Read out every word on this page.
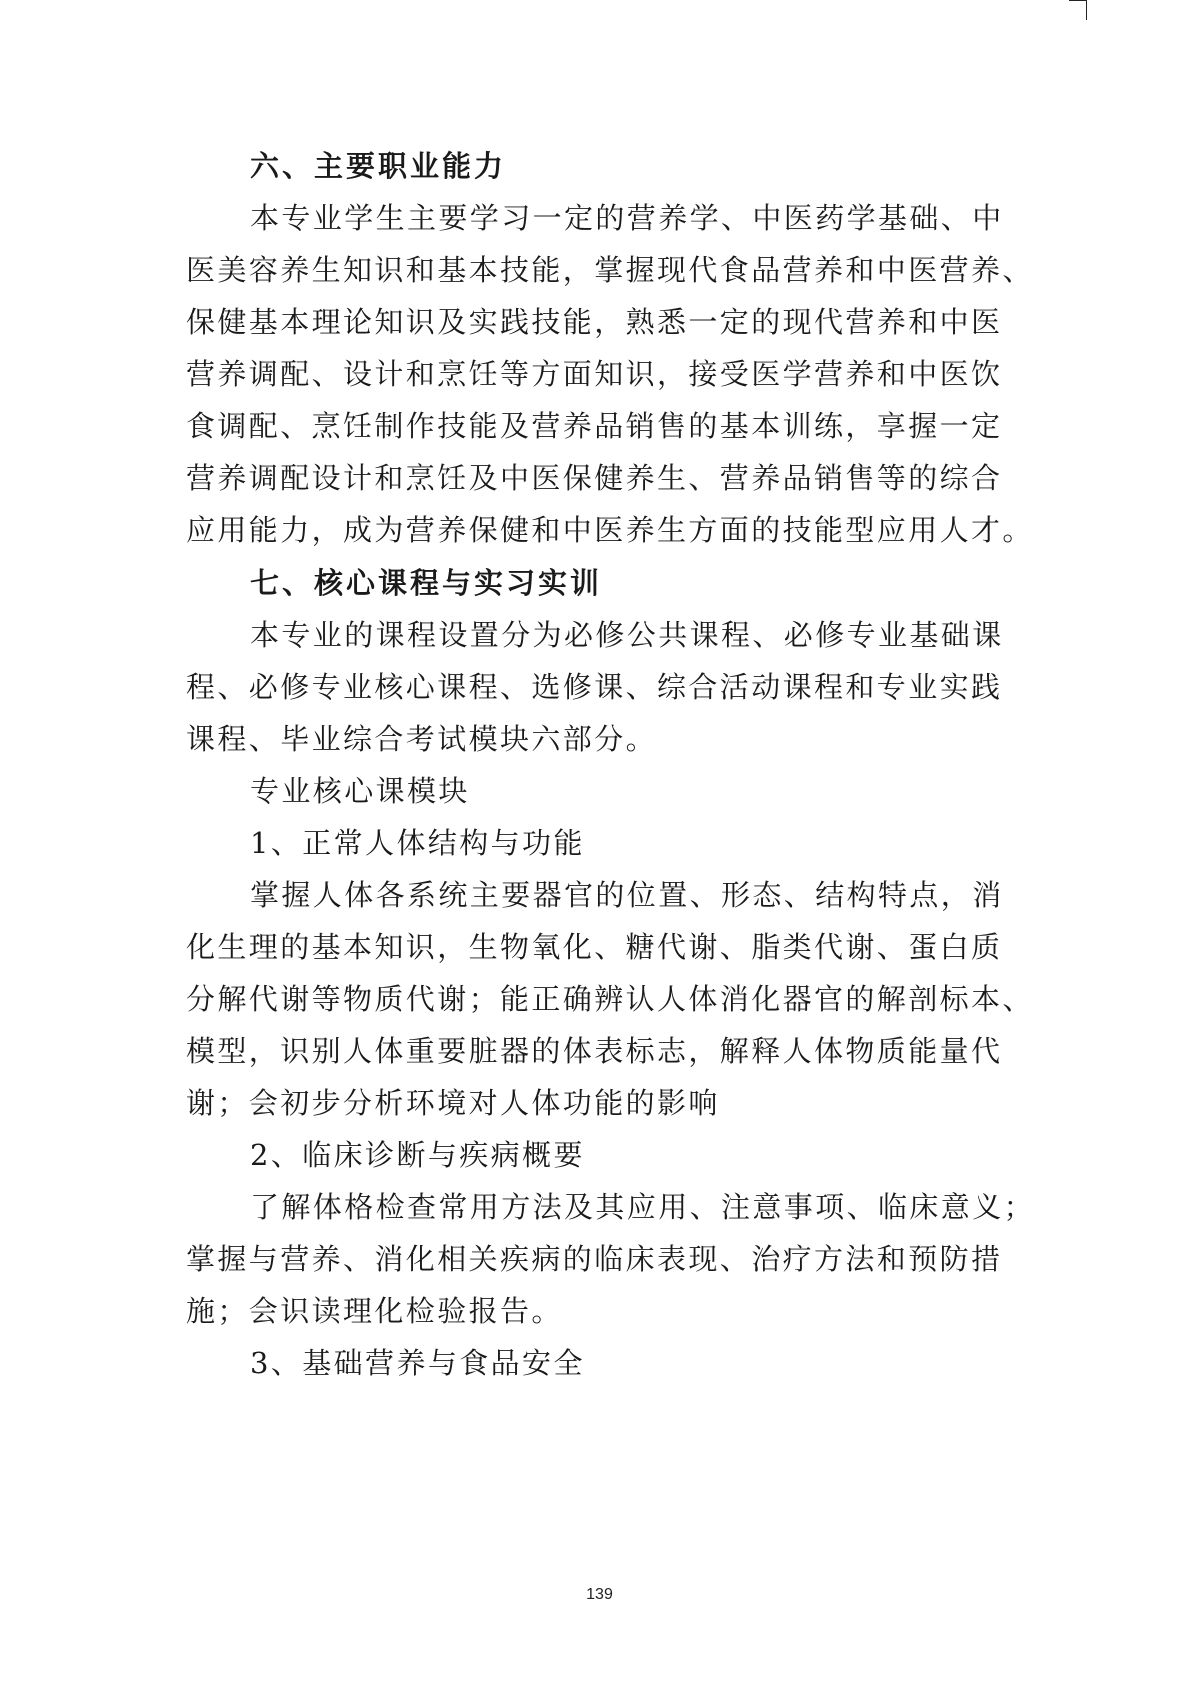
六、主要职业能力
本专业学生主要学习一定的营养学、中医药学基础、中
医美容养生知识和基本技能，掌握现代食品营养和中医营养、
保健基本理论知识及实践技能，熟悉一定的现代营养和中医
营养调配、设计和烹饪等方面知识，接受医学营养和中医饮
食调配、烹饪制作技能及营养品销售的基本训练，享握一定
营养调配设计和烹饪及中医保健养生、营养品销售等的综合
应用能力，成为营养保健和中医养生方面的技能型应用人才。
七、核心课程与实习实训
本专业的课程设置分为必修公共课程、必修专业基础课
程、必修专业核心课程、选修课、综合活动课程和专业实践
课程、毕业综合考试模块六部分。
专业核心课模块
1、正常人体结构与功能
掌握人体各系统主要器官的位置、形态、结构特点，消
化生理的基本知识，生物氧化、糖代谢、脂类代谢、蛋白质
分解代谢等物质代谢；能正确辨认人体消化器官的解剖标本、
模型，识别人体重要脏器的体表标志，解释人体物质能量代
谢；会初步分析环境对人体功能的影响
2、临床诊断与疾病概要
了解体格检查常用方法及其应用、注意事项、临床意义；
掌握与营养、消化相关疾病的临床表现、治疗方法和预防措
施；会识读理化检验报告。
3、基础营养与食品安全
139
